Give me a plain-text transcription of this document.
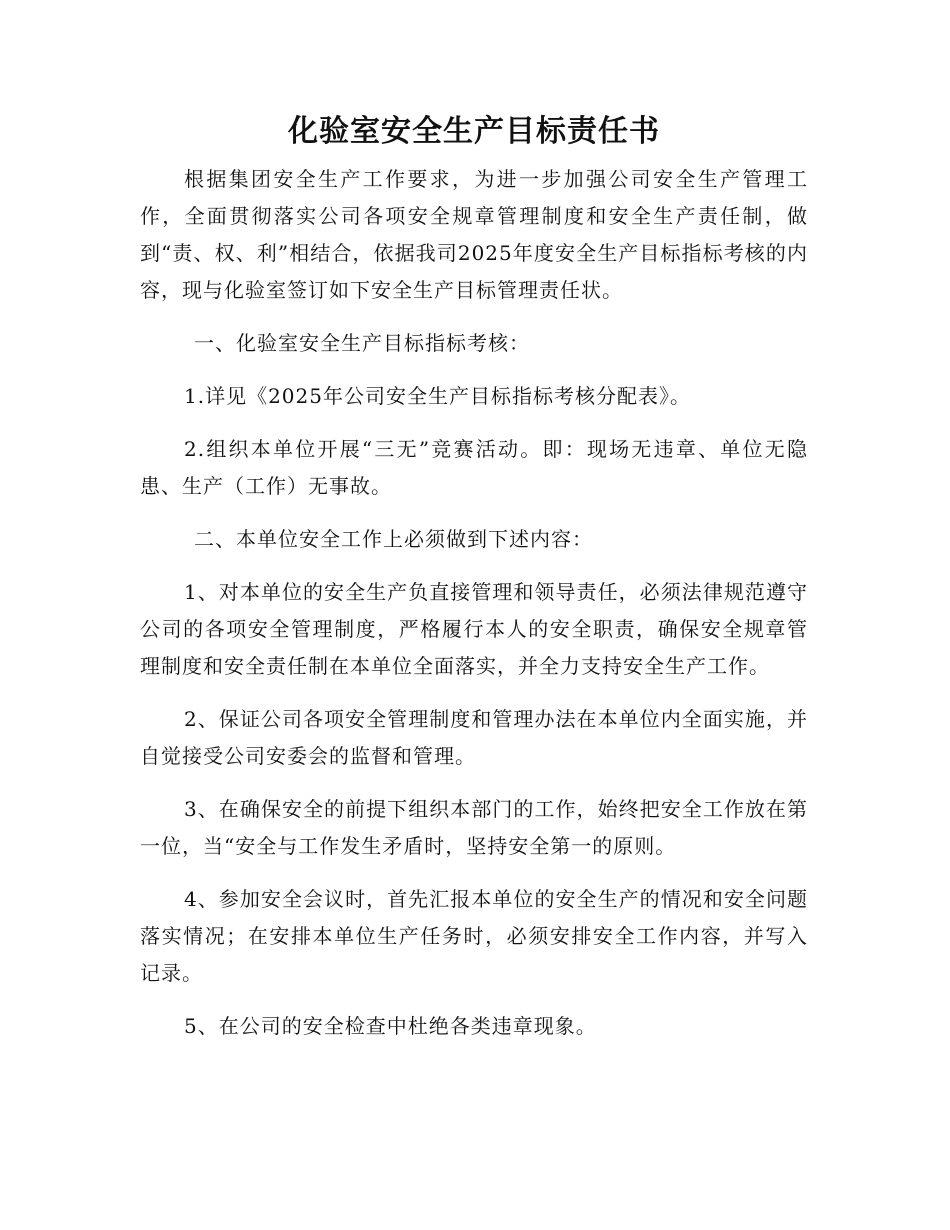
化验室安全生产目标责任书

根据集团安全生产工作要求，为进一步加强公司安全生产管理工作，全面贯彻落实公司各项安全规章管理制度和安全生产责任制，做到“责、权、利”相结合，依据我司2025年度安全生产目标指标考核的内容，现与化验室签订如下安全生产目标管理责任状。

一、化验室安全生产目标指标考核：

1.详见《2025年公司安全生产目标指标考核分配表》。

2.组织本单位开展“三无”竞赛活动。即：现场无违章、单位无隐患、生产（工作）无事故。

二、本单位安全工作上必须做到下述内容：

1、对本单位的安全生产负直接管理和领导责任，必须法律规范遵守公司的各项安全管理制度，严格履行本人的安全职责，确保安全规章管理制度和安全责任制在本单位全面落实，并全力支持安全生产工作。

2、保证公司各项安全管理制度和管理办法在本单位内全面实施，并自觉接受公司安委会的监督和管理。

3、在确保安全的前提下组织本部门的工作，始终把安全工作放在第一位，当“安全与工作发生矛盾时，坚持安全第一的原则。

4、参加安全会议时，首先汇报本单位的安全生产的情况和安全问题落实情况；在安排本单位生产任务时，必须安排安全工作内容，并写入记录。

5、在公司的安全检查中杜绝各类违章现象。
